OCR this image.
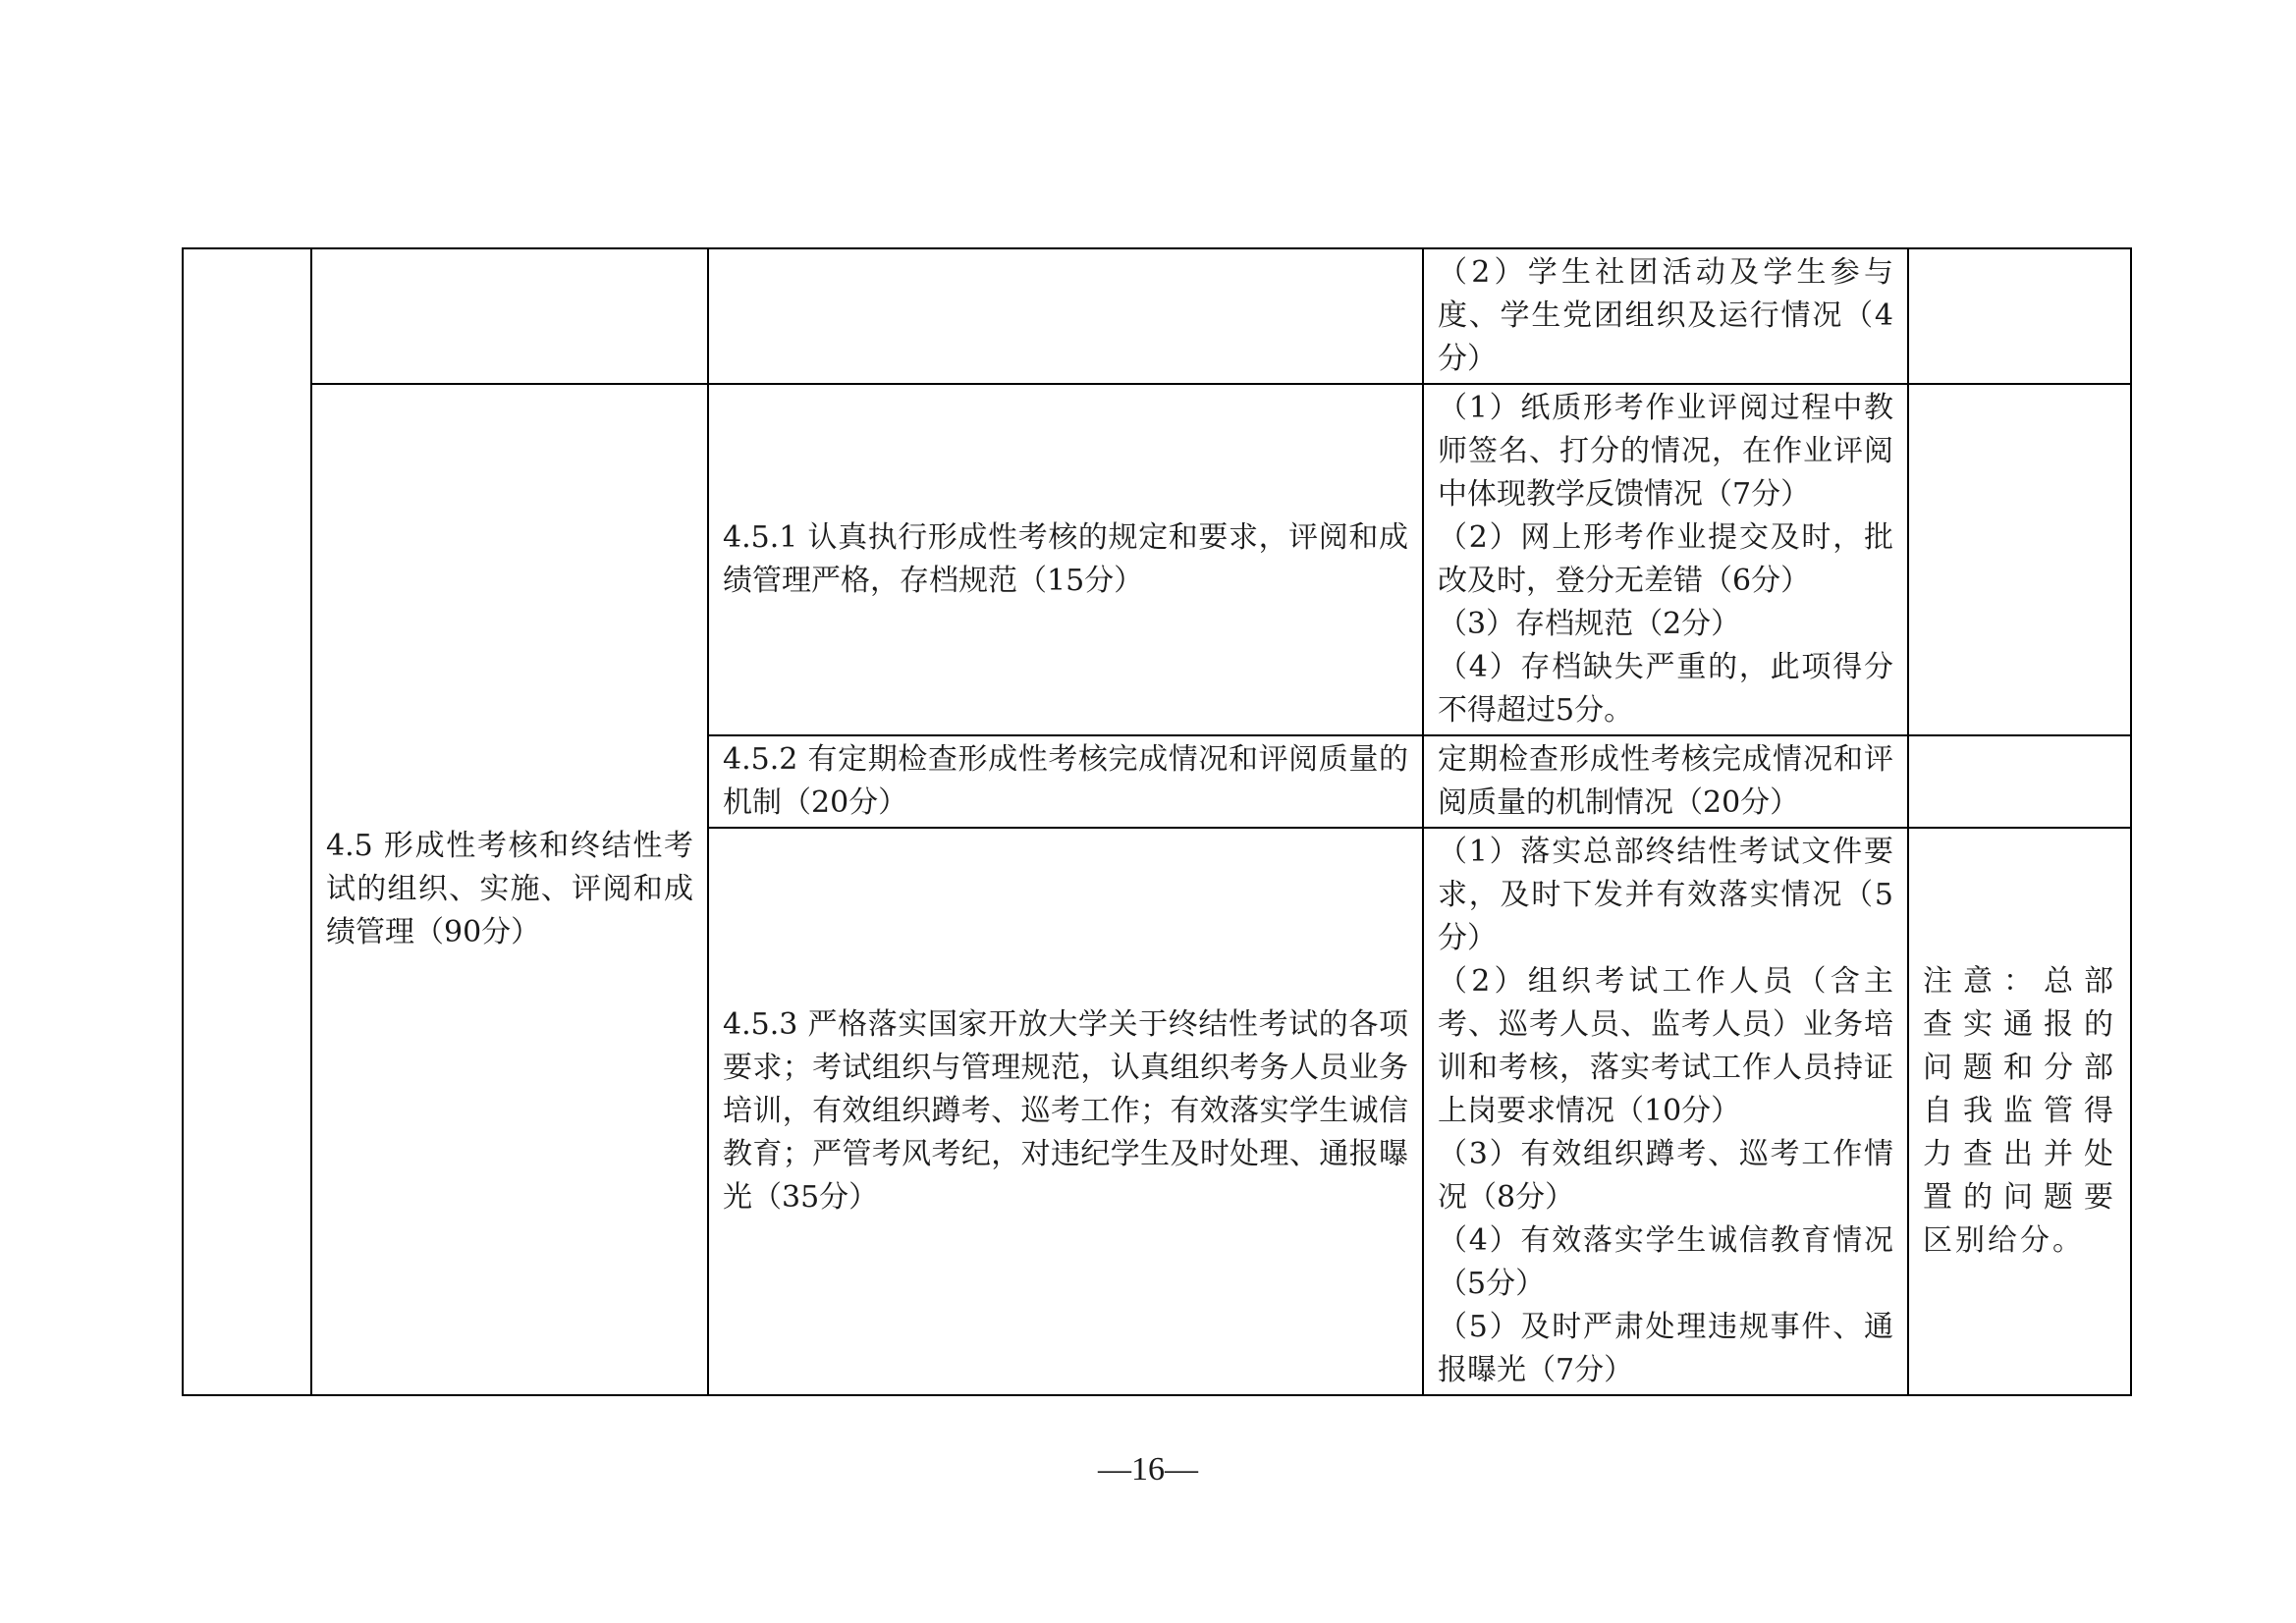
			（2）学生社团活动及学生参与度、学生党团组织及运行情况（4分）	
	4.5 形成性考核和终结性考试的组织、实施、评阅和成绩管理（90分）	4.5.1 认真执行形成性考核的规定和要求，评阅和成绩管理严格，存档规范（15分）	（1）纸质形考作业评阅过程中教师签名、打分的情况，在作业评阅中体现教学反馈情况（7分）
（2）网上形考作业提交及时，批改及时，登分无差错（6分）
（3）存档规范（2分）
（4）存档缺失严重的，此项得分不得超过5分。	

		4.5.2 有定期检查形成性考核完成情况和评阅质量的机制（20分）	定期检查形成性考核完成情况和评阅质量的机制情况（20分）	
		4.5.3 严格落实国家开放大学关于终结性考试的各项要求；考试组织与管理规范，认真组织考务人员业务培训，有效组织蹲考、巡考工作；有效落实学生诚信教育；严管考风考纪，对违纪学生及时处理、通报曝光（35分）	（1）落实总部终结性考试文件要求，及时下发并有效落实情况（5分）
（2）组织考试工作人员（含主考、巡考人员、监考人员）业务培训和考核，落实考试工作人员持证上岗要求情况（10分）
（3）有效组织蹲考、巡考工作情况（8分）
（4）有效落实学生诚信教育情况（5分）
（5）及时严肃处理违规事件、通报曝光（7分）	注意：总部查实通报的问题和分部自我监管得力查出并处置的问题要区别给分。
—16—
